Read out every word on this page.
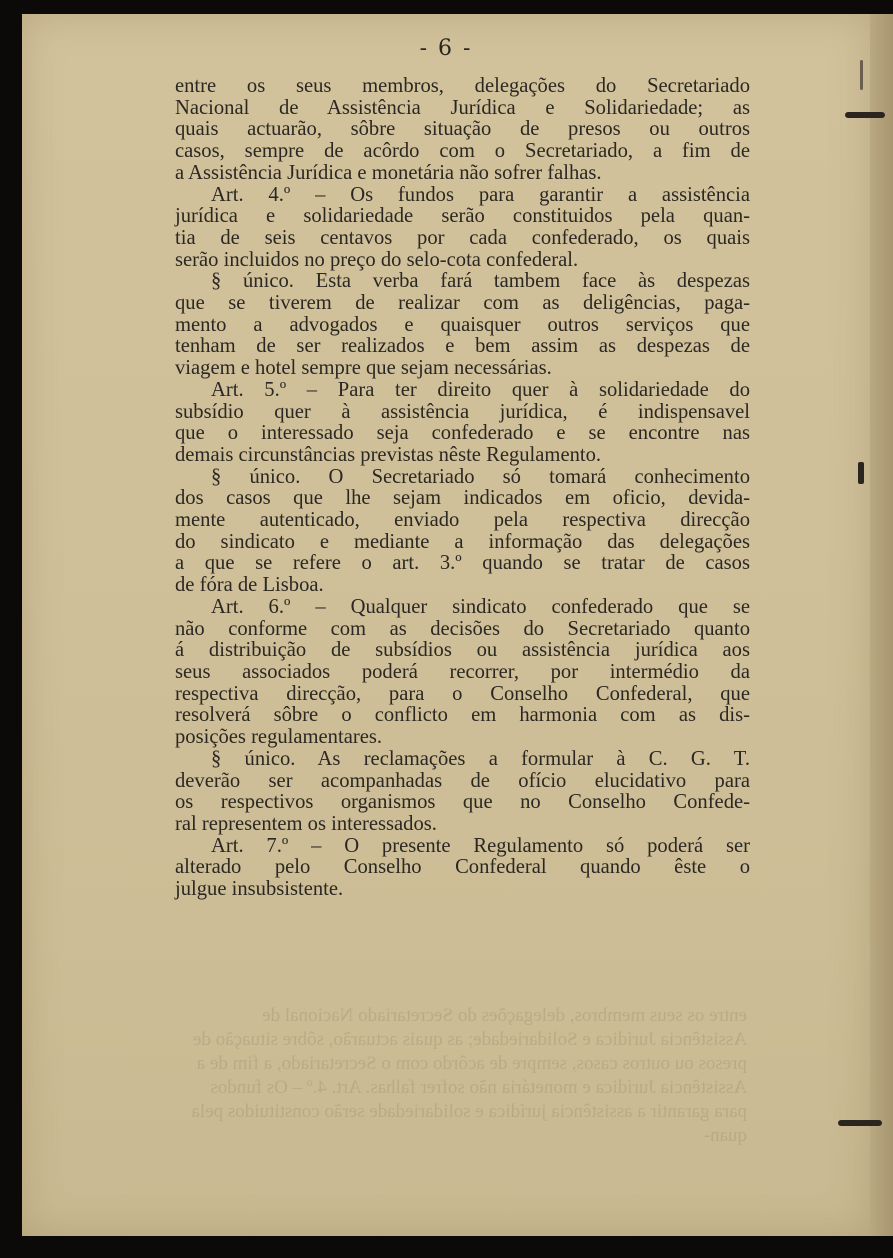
- 6 -
entre os seus membros, delegações do Secretariado
Nacional de Assistência Jurídica e Solidariedade; as
quais actuarão, sôbre situação de presos ou outros
casos, sempre de acôrdo com o Secretariado, a fim de
a Assistência Jurídica e monetária não sofrer falhas.
Art. 4.º – Os fundos para garantir a assistência
jurídica e solidariedade serão constituidos pela quan-
tia de seis centavos por cada confederado, os quais
serão incluidos no preço do selo-cota confederal.
§ único. Esta verba fará tambem face às despezas
que se tiverem de realizar com as deligências, paga-
mento a advogados e quaisquer outros serviços que
tenham de ser realizados e bem assim as despezas de
viagem e hotel sempre que sejam necessárias.
Art. 5.º – Para ter direito quer à solidariedade do
subsídio quer à assistência jurídica, é indispensavel
que o interessado seja confederado e se encontre nas
demais circunstâncias previstas nêste Regulamento.
§ único. O Secretariado só tomará conhecimento
dos casos que lhe sejam indicados em oficio, devida-
mente autenticado, enviado pela respectiva direcção
do sindicato e mediante a informação das delegações
a que se refere o art. 3.º quando se tratar de casos
de fóra de Lisboa.
Art. 6.º – Qualquer sindicato confederado que se
não conforme com as decisões do Secretariado quanto
á distribuição de subsídios ou assistência jurídica aos
seus associados poderá recorrer, por intermédio da
respectiva direcção, para o Conselho Confederal, que
resolverá sôbre o conflicto em harmonia com as dis-
posições regulamentares.
§ único. As reclamações a formular à C. G. T.
deverão ser acompanhadas de ofício elucidativo para
os respectivos organismos que no Conselho Confede-
ral representem os interessados.
Art. 7.º – O presente Regulamento só poderá ser
alterado pelo Conselho Confederal quando êste o
julgue insubsistente.
entre os seus membros, delegações do Secretariado Nacional de Assistência Jurídica e Solidariedade; as quais actuarão, sôbre situação de presos ou outros casos, sempre de acôrdo com o Secretariado, a fim de a Assistência Jurídica e monetária não sofrer falhas. Art. 4.º – Os fundos para garantir a assistência jurídica e solidariedade serão constituidos pela quan-
